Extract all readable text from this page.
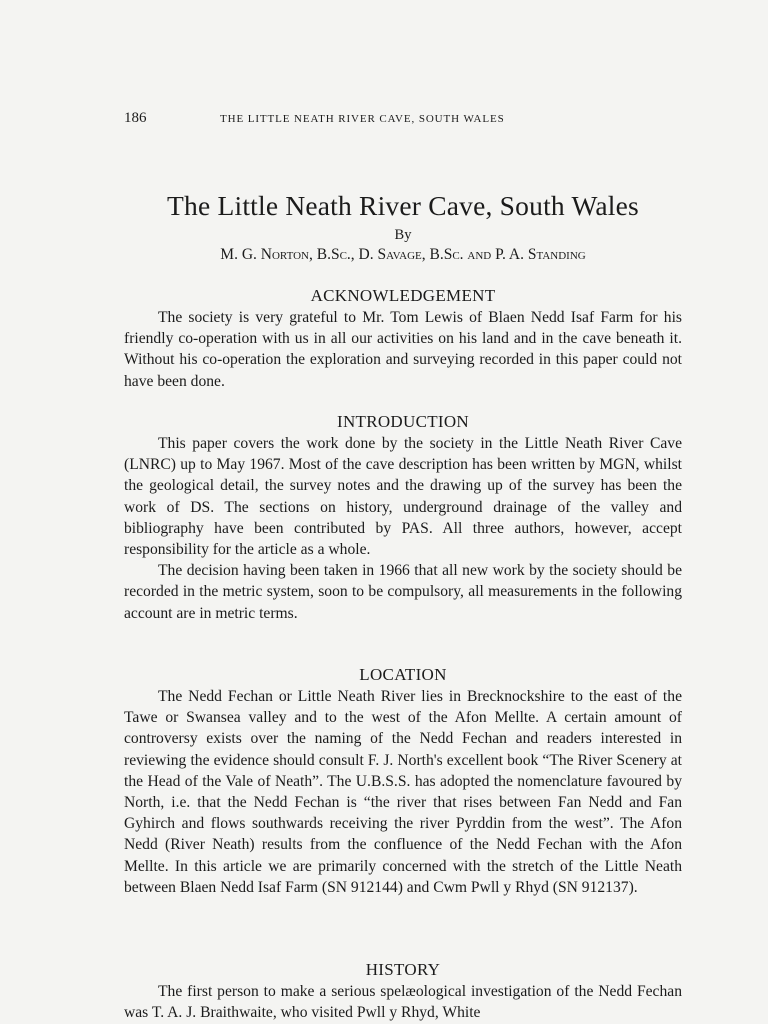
186	THE LITTLE NEATH RIVER CAVE, SOUTH WALES
The Little Neath River Cave, South Wales
By
M. G. Norton, B.Sc., D. Savage, B.Sc. and P. A. Standing
ACKNOWLEDGEMENT

The society is very grateful to Mr. Tom Lewis of Blaen Nedd Isaf Farm for his friendly co-operation with us in all our activities on his land and in the cave beneath it. Without his co-operation the exploration and surveying recorded in this paper could not have been done.

INTRODUCTION

This paper covers the work done by the society in the Little Neath River Cave (LNRC) up to May 1967. Most of the cave description has been written by MGN, whilst the geological detail, the survey notes and the drawing up of the survey has been the work of DS. The sections on history, underground drainage of the valley and bibliography have been contributed by PAS. All three authors, however, accept responsibility for the article as a whole.

The decision having been taken in 1966 that all new work by the society should be recorded in the metric system, soon to be compulsory, all measurements in the following account are in metric terms.

LOCATION

The Nedd Fechan or Little Neath River lies in Brecknockshire to the east of the Tawe or Swansea valley and to the west of the Afon Mellte. A certain amount of controversy exists over the naming of the Nedd Fechan and readers interested in reviewing the evidence should consult F. J. North's excellent book “The River Scenery at the Head of the Vale of Neath”. The U.B.S.S. has adopted the nomenclature favoured by North, i.e. that the Nedd Fechan is “the river that rises between Fan Nedd and Fan Gyhirch and flows southwards receiving the river Pyrddin from the west”. The Afon Nedd (River Neath) results from the confluence of the Nedd Fechan with the Afon Mellte. In this article we are primarily concerned with the stretch of the Little Neath between Blaen Nedd Isaf Farm (SN 912144) and Cwm Pwll y Rhyd (SN 912137).

HISTORY

The first person to make a serious spelæological investigation of the Nedd Fechan was T. A. J. Braithwaite, who visited Pwll y Rhyd, White
